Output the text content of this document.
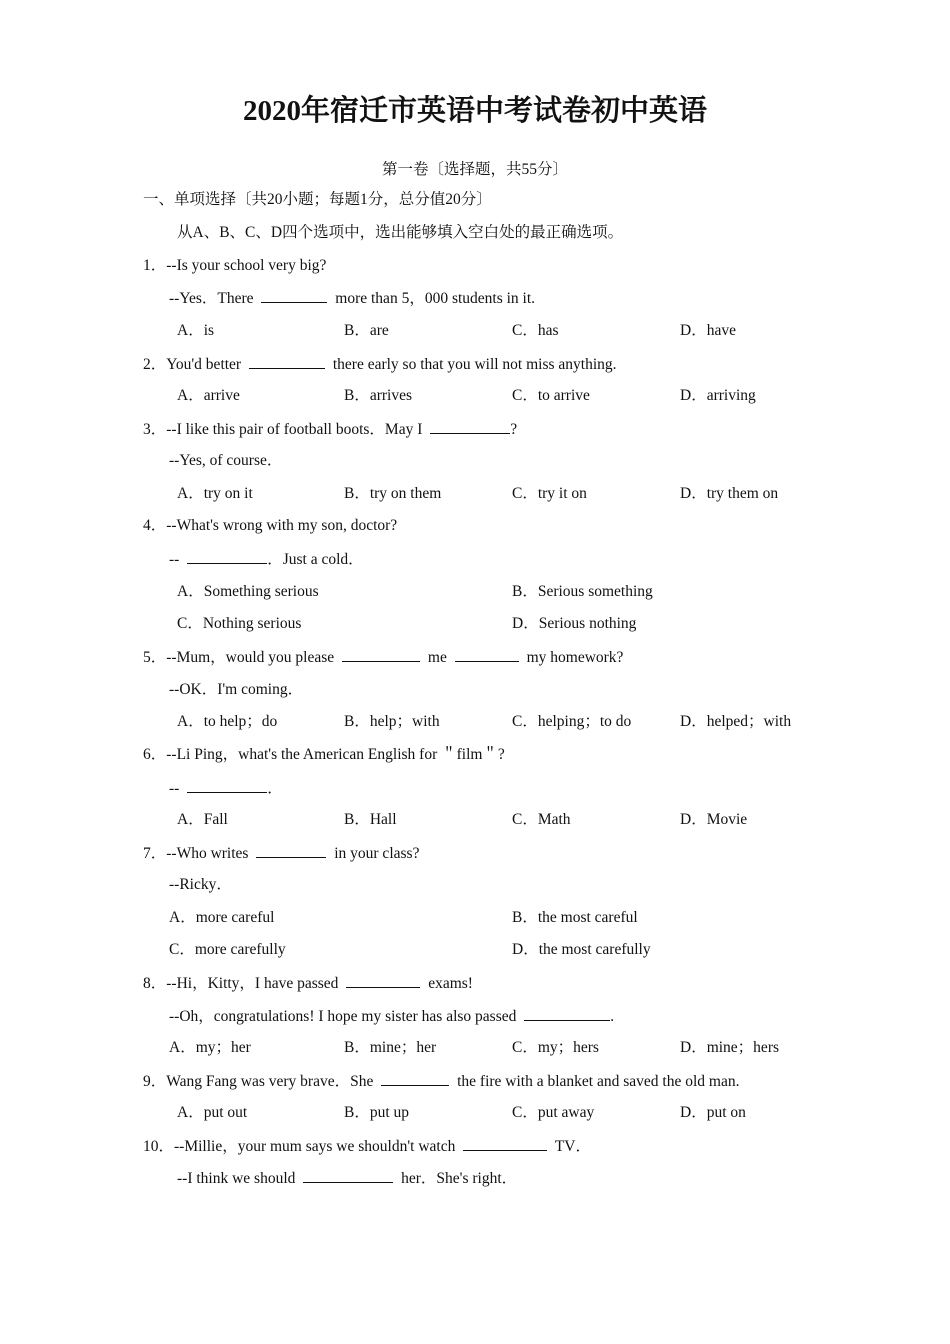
2020年宿迁市英语中考试卷初中英语
第一卷〔选择题，共55分〕
一、单项选择〔共20小题；每题1分，总分值20分〕
从A、B、C、D四个选项中，选出能够填入空白处的最正确选项。
1．--Is your school very big?
--Yes．There	more than 5，000 students in it.
A．is	B．are	C．has	D．have
2．You'd better	there early so that you will not miss anything.
A．arrive	B．arrives	C．to arrive	D．arriving
3．--I like this pair of football boots．May I	?
--Yes, of course．
A．try on it	B．try on them	C．try it on	D．try them on
4．--What's wrong with my son, doctor?
--	．Just a cold．
A．Something serious	B．Serious something
C．Nothing serious	D．Serious nothing
5．--Mum，would you please	me	my homework?
--OK．I'm coming．
A．to help；do	B．help；with	C．helping；to do	D．helped；with
6．--Li Ping，what's the American English for ＂film＂?
--	．
A．Fall	B．Hall	C．Math	D．Movie
7．--Who writes	in your class?
--Ricky．
A．more careful	B．the most careful
C．more carefully	D．the most carefully
8．--Hi，Kitty，I have passed	exams!
--Oh，congratulations! I hope my sister has also passed	.
A．my；her	B．mine；her	C．my；hers	D．mine；hers
9．Wang Fang was very brave．She	the fire with a blanket and saved the old man.
A．put out	B．put up	C．put away	D．put on
10．--Millie，your mum says we shouldn't watch	TV．
--I think we should	her．She's right．
